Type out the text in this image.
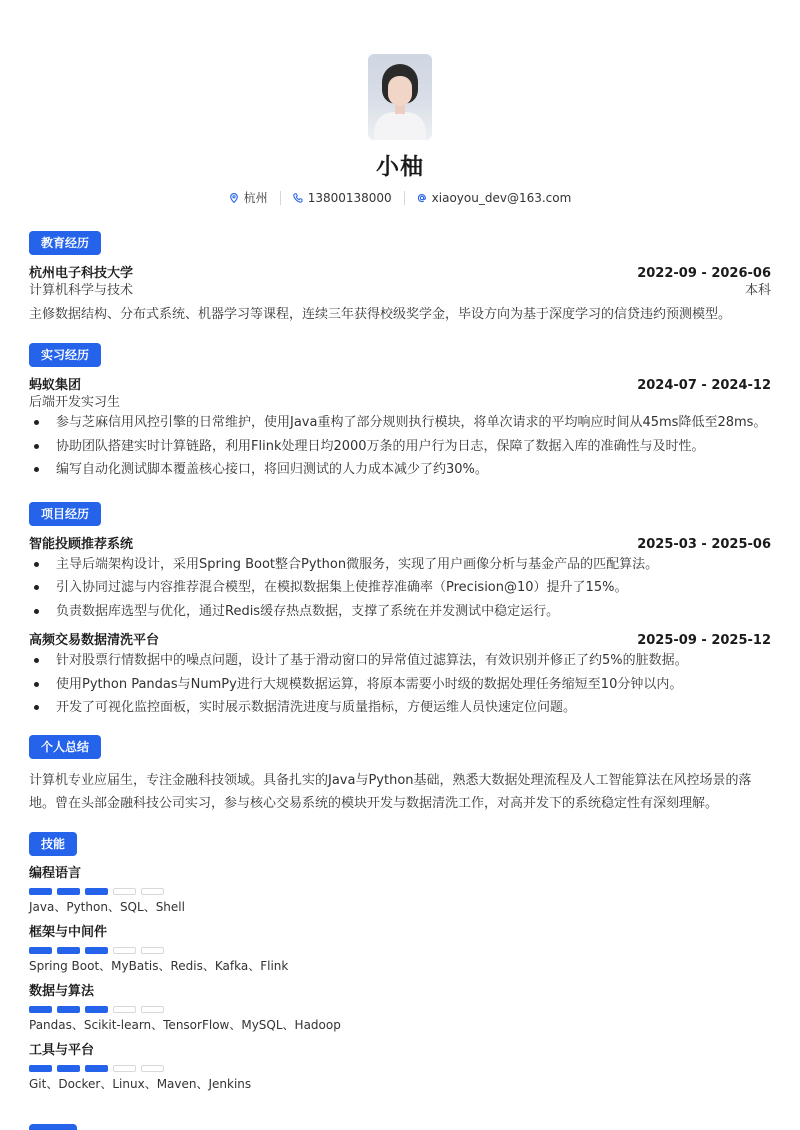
小柚
杭州	13800138000	xiaoyou_dev@163.com
教育经历
杭州电子科技大学	2022-09 - 2026-06
计算机科学与技术	本科
主修数据结构、分布式系统、机器学习等课程，连续三年获得校级奖学金，毕设方向为基于深度学习的信贷违约预测模型。
实习经历
蚂蚁集团	2024-07 - 2024-12
后端开发实习生
参与芝麻信用风控引擎的日常维护，使用Java重构了部分规则执行模块，将单次请求的平均响应时间从45ms降低至28ms。
协助团队搭建实时计算链路，利用Flink处理日均2000万条的用户行为日志，保障了数据入库的准确性与及时性。
编写自动化测试脚本覆盖核心接口，将回归测试的人力成本减少了约30%。
项目经历
智能投顾推荐系统	2025-03 - 2025-06
主导后端架构设计，采用Spring Boot整合Python微服务，实现了用户画像分析与基金产品的匹配算法。
引入协同过滤与内容推荐混合模型，在模拟数据集上使推荐准确率（Precision@10）提升了15%。
负责数据库选型与优化，通过Redis缓存热点数据，支撑了系统在并发测试中稳定运行。
高频交易数据清洗平台	2025-09 - 2025-12
针对股票行情数据中的噪点问题，设计了基于滑动窗口的异常值过滤算法，有效识别并修正了约5%的脏数据。
使用Python Pandas与NumPy进行大规模数据运算，将原本需要小时级的数据处理任务缩短至10分钟以内。
开发了可视化监控面板，实时展示数据清洗进度与质量指标，方便运维人员快速定位问题。
个人总结
计算机专业应届生，专注金融科技领域。具备扎实的Java与Python基础，熟悉大数据处理流程及人工智能算法在风控场景的落地。曾在头部金融科技公司实习，参与核心交易系统的模块开发与数据清洗工作，对高并发下的系统稳定性有深刻理解。
技能
编程语言
Java、Python、SQL、Shell
框架与中间件
Spring Boot、MyBatis、Redis、Kafka、Flink
数据与算法
Pandas、Scikit-learn、TensorFlow、MySQL、Hadoop
工具与平台
Git、Docker、Linux、Maven、Jenkins
